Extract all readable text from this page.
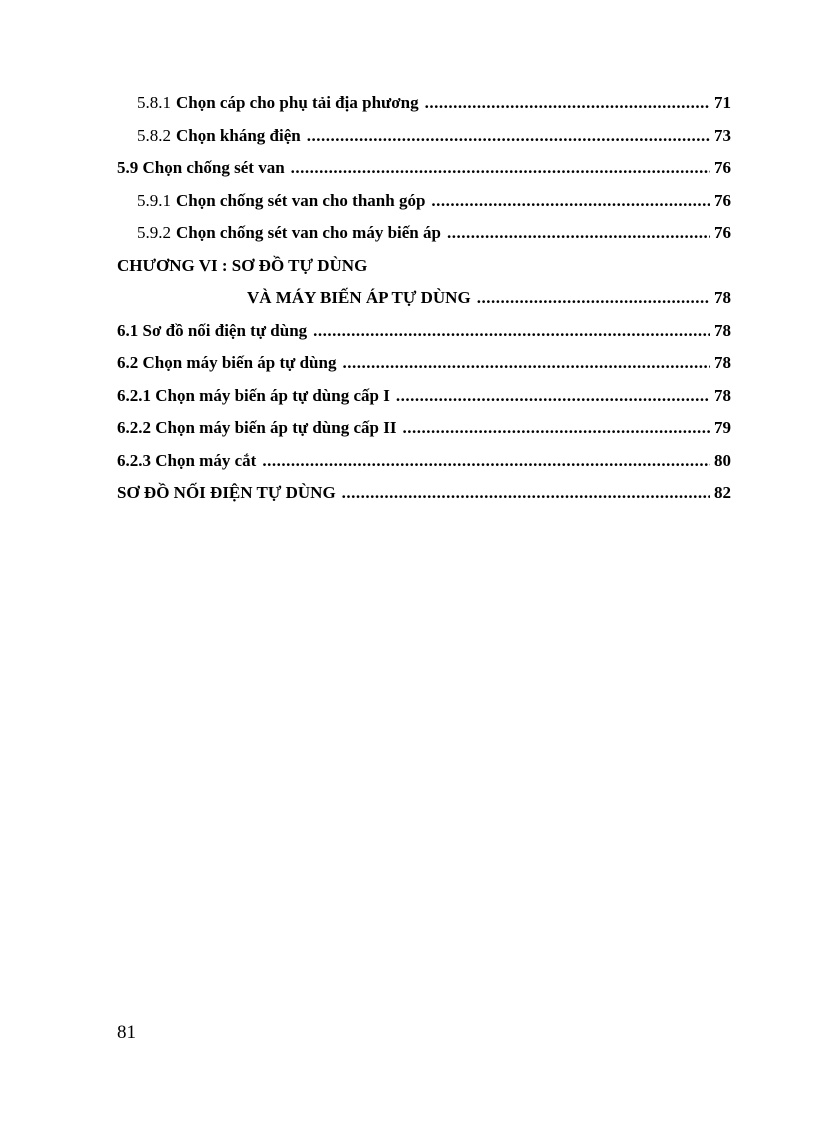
5.8.1 Chọn cáp cho phụ tải địa phương .....	71
5.8.2 Chọn kháng điện .....	73
5.9 Chọn chống sét van .....	76
5.9.1 Chọn chống sét van cho thanh góp .....	76
5.9.2 Chọn chống sét van cho máy biến áp .....	76
CHƯƠNG VI : SƠ ĐỒ TỰ DÙNG
VÀ MÁY BIẾN ÁP TỰ DÙNG .....	78
6.1 Sơ đồ nối điện tự dùng .....	78
6.2 Chọn máy biến áp tự dùng .....	78
6.2.1 Chọn máy biến áp tự dùng cấp I .....	78
6.2.2 Chọn máy biến áp tự dùng cấp II .....	79
6.2.3 Chọn máy cắt .....	80
SƠ ĐỒ NỐI ĐIỆN TỰ DÙNG .....	82
81
